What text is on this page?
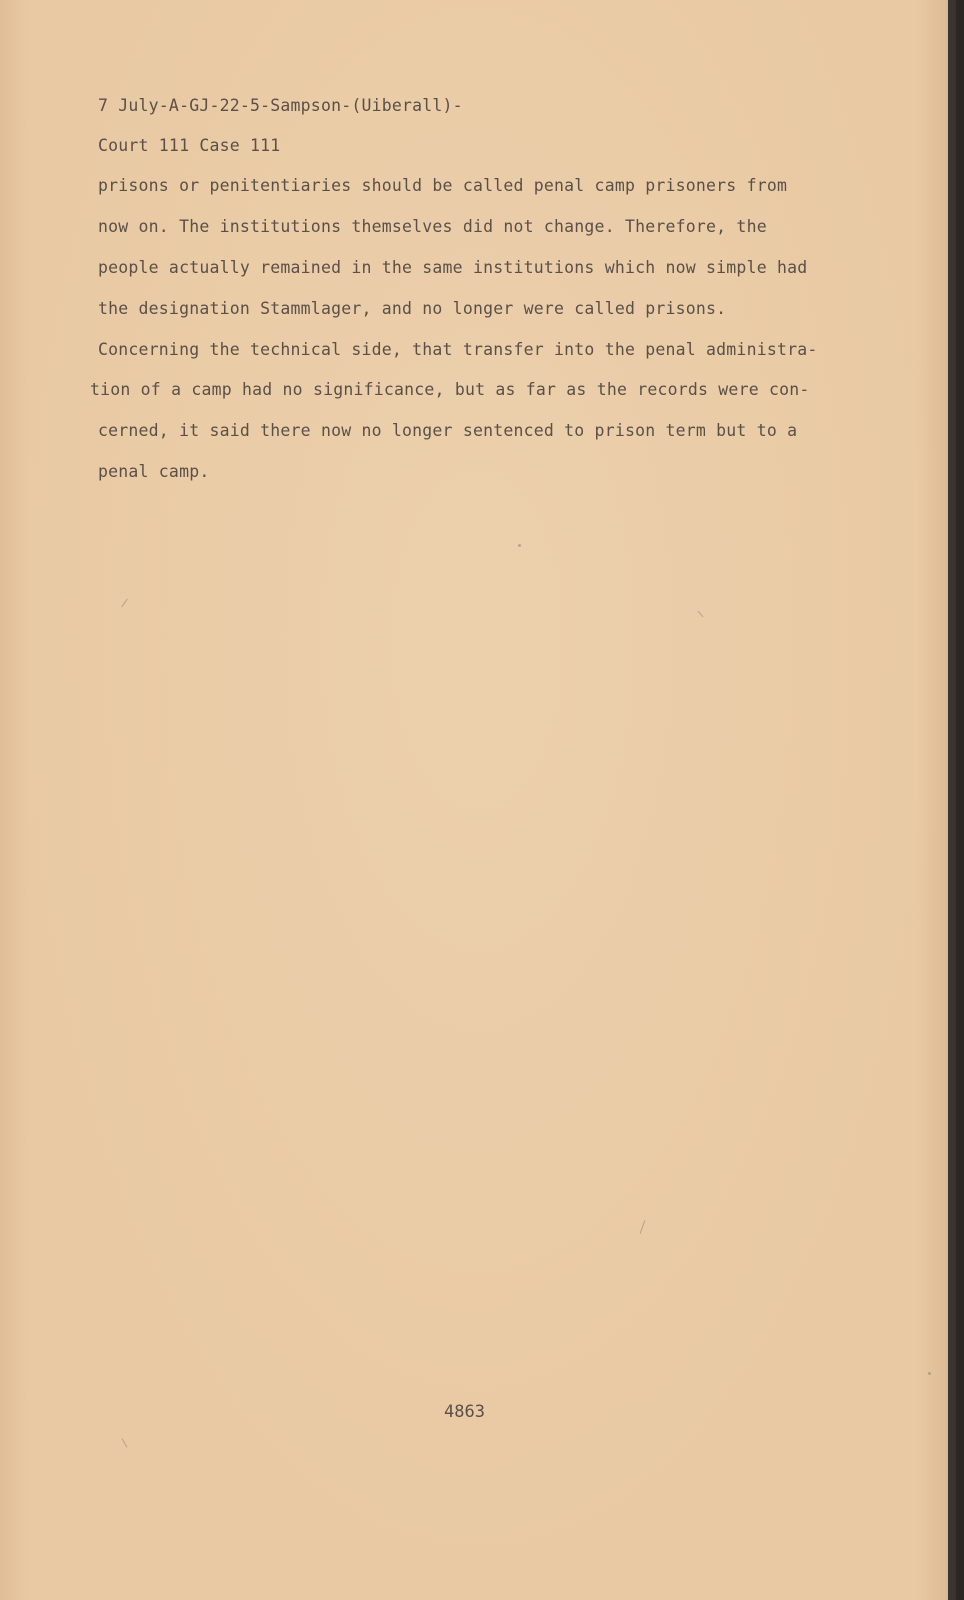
7 July-A-GJ-22-5-Sampson-(Uiberall)-
Court 111 Case 111
prisons or penitentiaries should be called penal camp prisoners from
now on. The institutions themselves did not change. Therefore, the
people actually remained in the same institutions which now simple had
the designation Stammlager, and no longer were called prisons.
Concerning the technical side, that transfer into the penal administra-
tion of a camp had no significance, but as far as the records were con-
cerned, it said there now no longer sentenced to prison term but to a
penal camp.
4863
